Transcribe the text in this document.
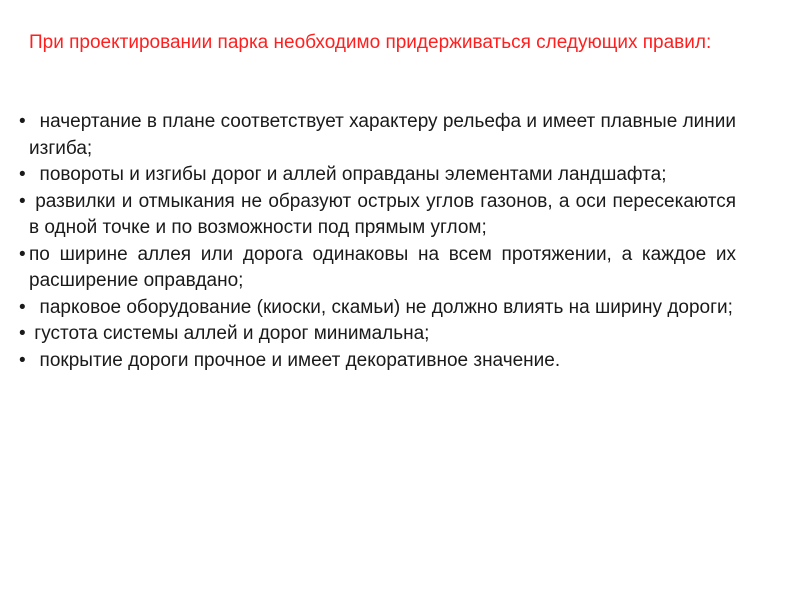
При проектировании парка необходимо придерживаться следующих правил:

• начертание в плане соответствует характеру рельефа и имеет плавные линии изгиба;
• повороты и изгибы дорог и аллей оправданы элементами ландшафта;
• развилки и отмыкания не образуют острых углов газонов, а оси пересекаются в одной точке и по возможности под прямым углом;
• по ширине аллея или дорога одинаковы на всем протяжении, а каждое их расширение оправдано;
• парковое оборудование (киоски, скамьи) не должно влиять на ширину дороги;
• густота системы аллей и дорог минимальна;
• покрытие дороги прочное и имеет декоративное значение.
